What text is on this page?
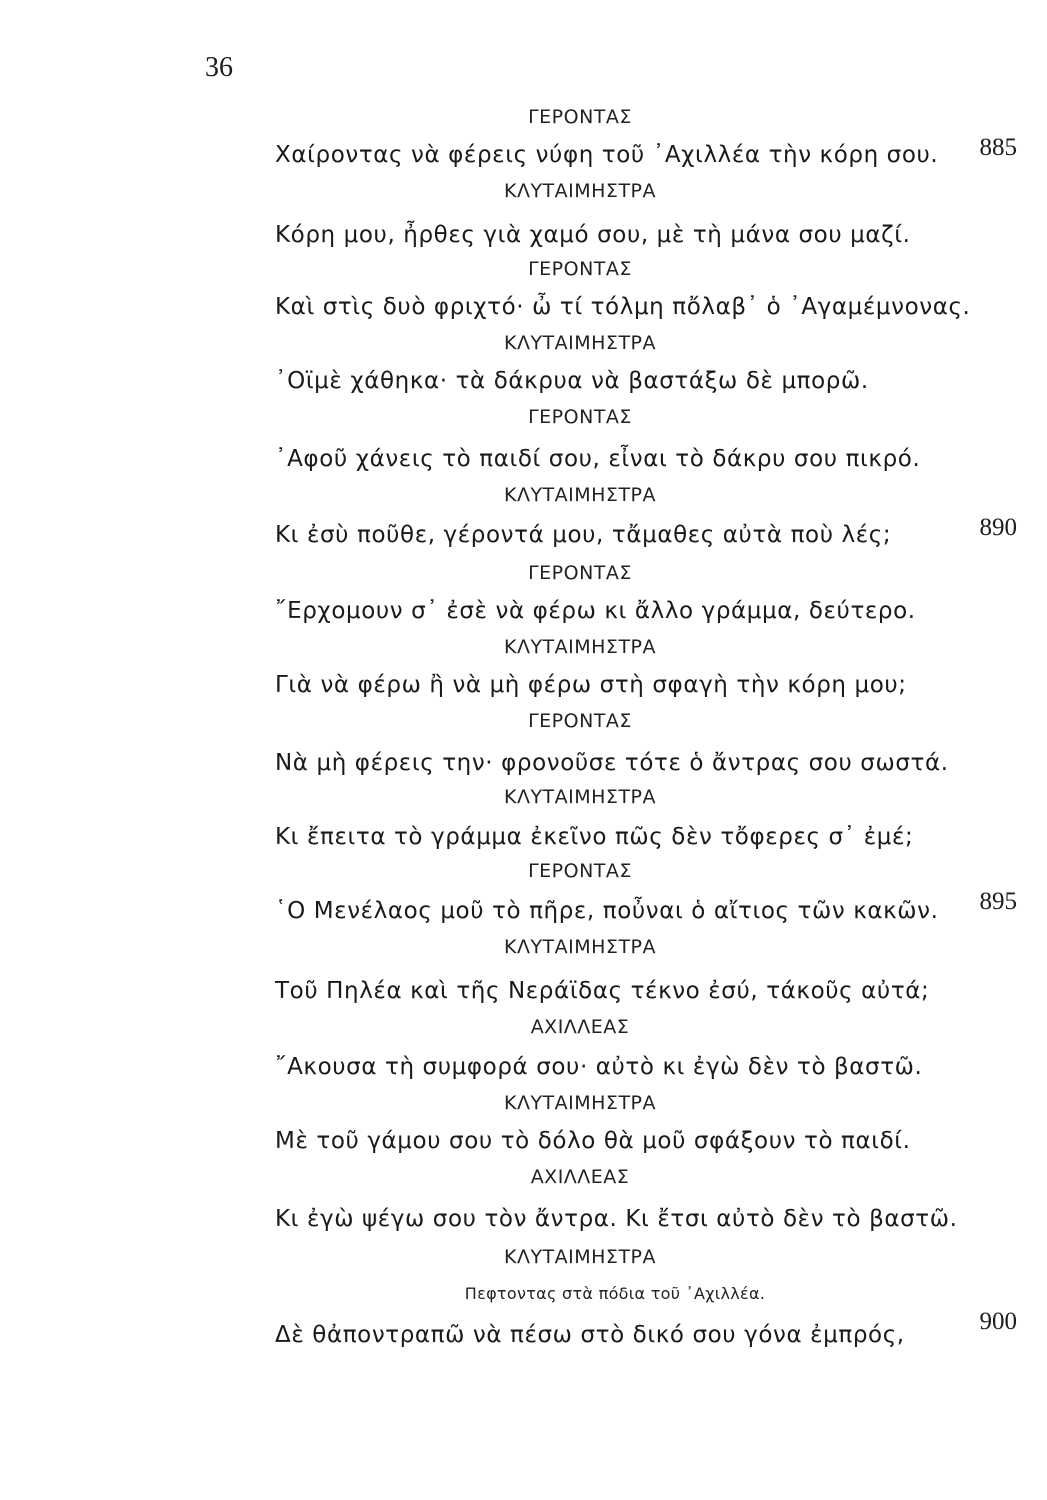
36
ΓΕΡΟΝΤΑΣ
Χαίροντας νὰ φέρεις νύφη τοῦ ᾿Αχιλλέα τὴν κόρη σου. 885
ΚΛΥΤΑΙΜΗΣΤΡΑ
Κόρη μου, ἦρθες γιὰ χαμό σου, μὲ τὴ μάνα σου μαζί.
ΓΕΡΟΝΤΑΣ
Καὶ στὶς δυὸ φριχτό· ὦ τί τόλμη πὄλαβ᾿ ὁ ᾿Αγαμέμνονας.
ΚΛΥΤΑΙΜΗΣΤΡΑ
᾿Οϊμὲ χάθηκα· τὰ δάκρυα νὰ βαστάξω δὲ μπορῶ.
ΓΕΡΟΝΤΑΣ
᾿Αφοῦ χάνεις τὸ παιδί σου, εἶναι τὸ δάκρυ σου πικρό.
ΚΛΥΤΑΙΜΗΣΤΡΑ
Κι ἐσὺ ποῦθε, γέροντά μου, τἄμαθες αὐτὰ ποὺ λές;	890
ΓΕΡΟΝΤΑΣ
῎Ερχομουν σ᾿ ἐσὲ νὰ φέρω κι ἄλλο γράμμα, δεύτερο.
ΚΛΥΤΑΙΜΗΣΤΡΑ
Γιὰ νὰ φέρω ἢ νὰ μὴ φέρω στὴ σφαγὴ τὴν κόρη μου;
ΓΕΡΟΝΤΑΣ
Νὰ μὴ φέρεις την· φρονοῦσε τότε ὁ ἄντρας σου σωστά.
ΚΛΥΤΑΙΜΗΣΤΡΑ
Κι ἔπειτα τὸ γράμμα ἐκεῖνο πῶς δὲν τὄφερες σ᾿ ἐμέ;
ΓΕΡΟΝΤΑΣ
῾Ο Μενέλαος μοῦ τὸ πῆρε, ποὖναι ὁ αἴτιος τῶν κακῶν. 895
ΚΛΥΤΑΙΜΗΣΤΡΑ
Τοῦ Πηλέα καὶ τῆς Νεράϊδας τέκνο ἐσύ, τάκοῦς αὐτά;
ΑΧΙΛΛΕΑΣ
῎Ακουσα τὴ συμφορά σου· αὐτὸ κι ἐγὼ δὲν τὸ βαστῶ.
ΚΛΥΤΑΙΜΗΣΤΡΑ
Μὲ τοῦ γάμου σου τὸ δόλο θὰ μοῦ σφάξουν τὸ παιδί.
ΑΧΙΛΛΕΑΣ
Κι ἐγὼ ψέγω σου τὸν ἄντρα. Κι ἔτσι αὐτὸ δὲν τὸ βαστῶ.
ΚΛΥΤΑΙΜΗΣΤΡΑ
Πεφτοντας στὰ πόδια τοῦ ᾿Αχιλλέα.
Δὲ θἀποντραπῶ νὰ πέσω στὸ δικό σου γόνα ἐμπρός,	900
